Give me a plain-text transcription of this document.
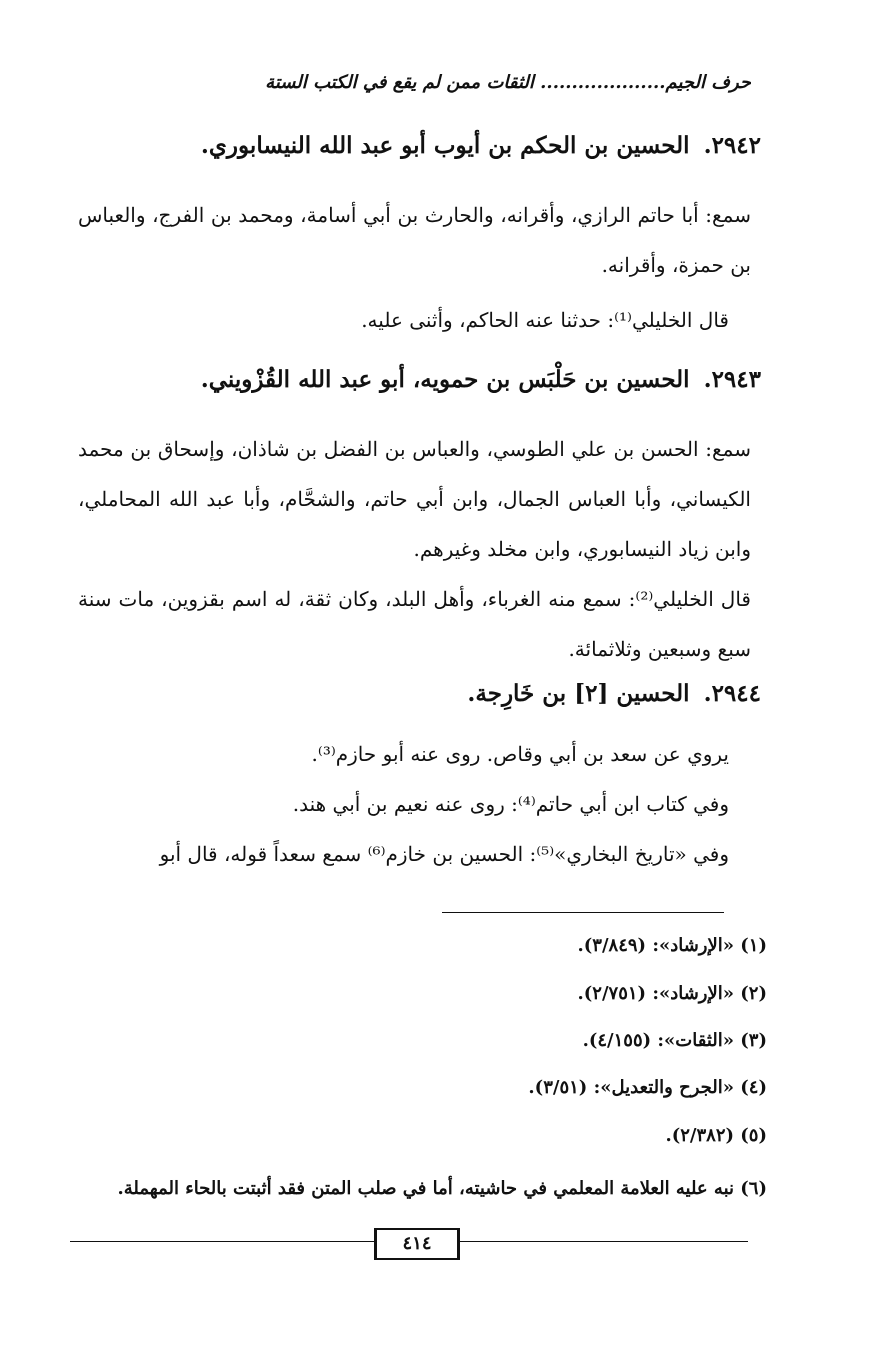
حرف الجيم.................... الثقات ممن لم يقع في الكتب الستة
٢٩٤٢.الحسين بن الحكم بن أيوب أبو عبد الله النيسابوري.
سمع: أبا حاتم الرازي، وأقرانه، والحارث بن أبي أسامة، ومحمد بن الفرج، والعباس بن حمزة، وأقرانه.
قال الخليلي⁽¹⁾: حدثنا عنه الحاكم، وأثنى عليه.
٢٩٤٣.الحسين بن حَلْبَس بن حمويه، أبو عبد الله القُزْويني.
سمع: الحسن بن علي الطوسي، والعباس بن الفضل بن شاذان، وإسحاق بن محمد الكيساني، وأبا العباس الجمال، وابن أبي حاتم، والشحَّام، وأبا عبد الله المحاملي، وابن زياد النيسابوري، وابن مخلد وغيرهم.
قال الخليلي⁽²⁾: سمع منه الغرباء، وأهل البلد، وكان ثقة، له اسم بقزوين، مات سنة سبع وسبعين وثلاثمائة.
٢٩٤٤.الحسين [٢] بن خَارِجة.
يروي عن سعد بن أبي وقاص. روى عنه أبو حازم⁽³⁾.
وفي كتاب ابن أبي حاتم⁽⁴⁾: روى عنه نعيم بن أبي هند.
وفي «تاريخ البخاري»⁽⁵⁾: الحسين بن خازم⁽⁶⁾ سمع سعداً قوله، قال أبو
(١) «الإرشاد»: (٣/٨٤٩).
(٢) «الإرشاد»: (٢/٧٥١).
(٣) «الثقات»: (٤/١٥٥).
(٤) «الجرح والتعديل»: (٣/٥١).
(٥) (٢/٣٨٢).
(٦) نبه عليه العلامة المعلمي في حاشيته، أما في صلب المتن فقد أثبتت بالحاء المهملة.
٤١٤
